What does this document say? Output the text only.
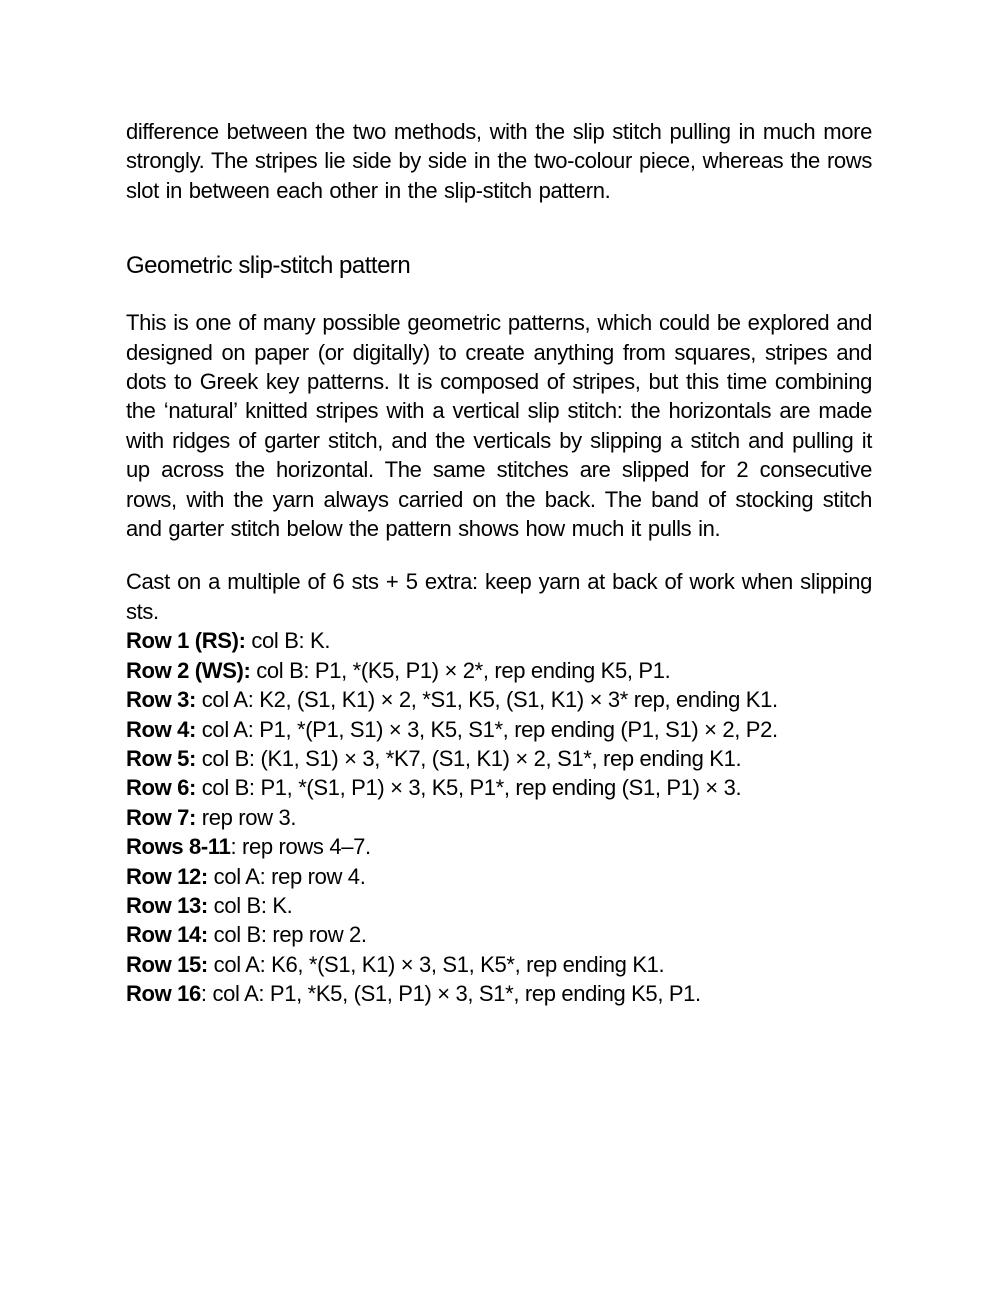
difference between the two methods, with the slip stitch pulling in much more strongly. The stripes lie side by side in the two-colour piece, whereas the rows slot in between each other in the slip-stitch pattern.

Geometric slip-stitch pattern

This is one of many possible geometric patterns, which could be explored and designed on paper (or digitally) to create anything from squares, stripes and dots to Greek key patterns. It is composed of stripes, but this time combining the ‘natural’ knitted stripes with a vertical slip stitch: the horizontals are made with ridges of garter stitch, and the verticals by slipping a stitch and pulling it up across the horizontal. The same stitches are slipped for 2 consecutive rows, with the yarn always carried on the back. The band of stocking stitch and garter stitch below the pattern shows how much it pulls in.

Cast on a multiple of 6 sts + 5 extra: keep yarn at back of work when slipping sts.

Row 1 (RS): col B: K.

Row 2 (WS): col B: P1, *(K5, P1) × 2*, rep ending K5, P1.

Row 3: col A: K2, (S1, K1) × 2, *S1, K5, (S1, K1) × 3* rep, ending K1.

Row 4: col A: P1, *(P1, S1) × 3, K5, S1*, rep ending (P1, S1) × 2, P2.

Row 5: col B: (K1, S1) × 3, *K7, (S1, K1) × 2, S1*, rep ending K1.

Row 6: col B: P1, *(S1, P1) × 3, K5, P1*, rep ending (S1, P1) × 3.

Row 7: rep row 3.

Rows 8-11: rep rows 4–7.

Row 12: col A: rep row 4.

Row 13: col B: K.

Row 14: col B: rep row 2.

Row 15: col A: K6, *(S1, K1) × 3, S1, K5*, rep ending K1.

Row 16: col A: P1, *K5, (S1, P1) × 3, S1*, rep ending K5, P1.
